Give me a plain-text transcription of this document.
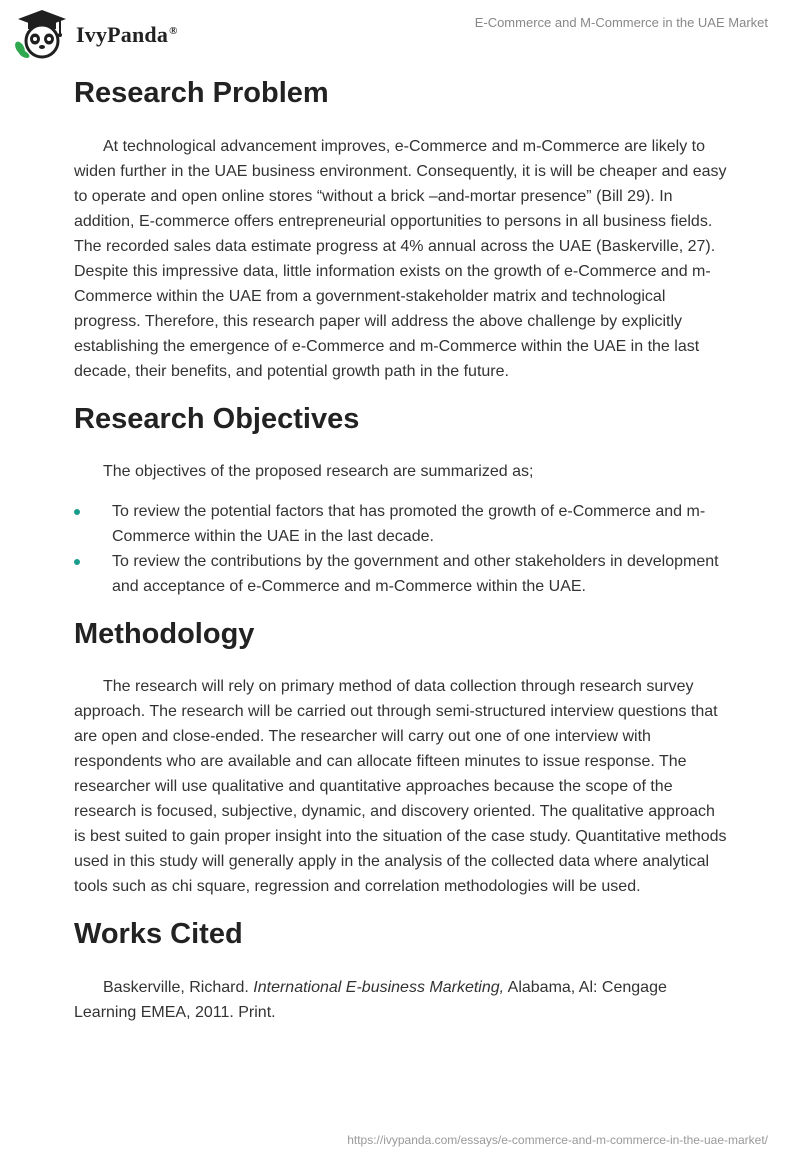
IvyPanda®
E-Commerce and M-Commerce in the UAE Market
Research Problem

At technological advancement improves, e-Commerce and m-Commerce are likely to widen further in the UAE business environment. Consequently, it is will be cheaper and easy to operate and open online stores “without a brick –and-mortar presence” (Bill 29). In addition, E-commerce offers entrepreneurial opportunities to persons in all business fields. The recorded sales data estimate progress at 4% annual across the UAE (Baskerville, 27). Despite this impressive data, little information exists on the growth of e-Commerce and m-Commerce within the UAE from a government-stakeholder matrix and technological progress. Therefore, this research paper will address the above challenge by explicitly establishing the emergence of e-Commerce and m-Commerce within the UAE in the last decade, their benefits, and potential growth path in the future.

Research Objectives

The objectives of the proposed research are summarized as;

To review the potential factors that has promoted the growth of e-Commerce and m-Commerce within the UAE in the last decade.
To review the contributions by the government and other stakeholders in development and acceptance of e-Commerce and m-Commerce within the UAE.
Methodology

The research will rely on primary method of data collection through research survey approach. The research will be carried out through semi-structured interview questions that are open and close-ended. The researcher will carry out one of one interview with respondents who are available and can allocate fifteen minutes to issue response. The researcher will use qualitative and quantitative approaches because the scope of the research is focused, subjective, dynamic, and discovery oriented. The qualitative approach is best suited to gain proper insight into the situation of the case study. Quantitative methods used in this study will generally apply in the analysis of the collected data where analytical tools such as chi square, regression and correlation methodologies will be used.

Works Cited

Baskerville, Richard. International E-business Marketing, Alabama, Al: Cengage Learning EMEA, 2011. Print.

https://ivypanda.com/essays/e-commerce-and-m-commerce-in-the-uae-market/
